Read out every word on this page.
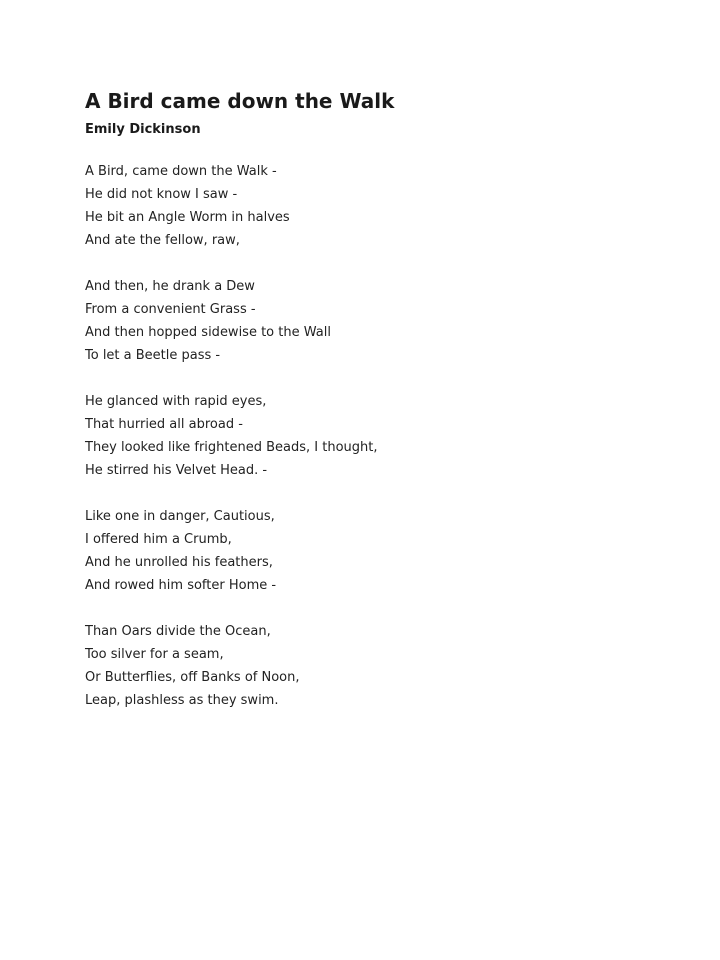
A Bird came down the Walk
Emily Dickinson
A Bird, came down the Walk -
He did not know I saw -
He bit an Angle Worm in halves
And ate the fellow, raw,
And then, he drank a Dew
From a convenient Grass -
And then hopped sidewise to the Wall
To let a Beetle pass -
He glanced with rapid eyes,
That hurried all abroad -
They looked like frightened Beads, I thought,
He stirred his Velvet Head. -
Like one in danger, Cautious,
I offered him a Crumb,
And he unrolled his feathers,
And rowed him softer Home -
Than Oars divide the Ocean,
Too silver for a seam,
Or Butterflies, off Banks of Noon,
Leap, plashless as they swim.
